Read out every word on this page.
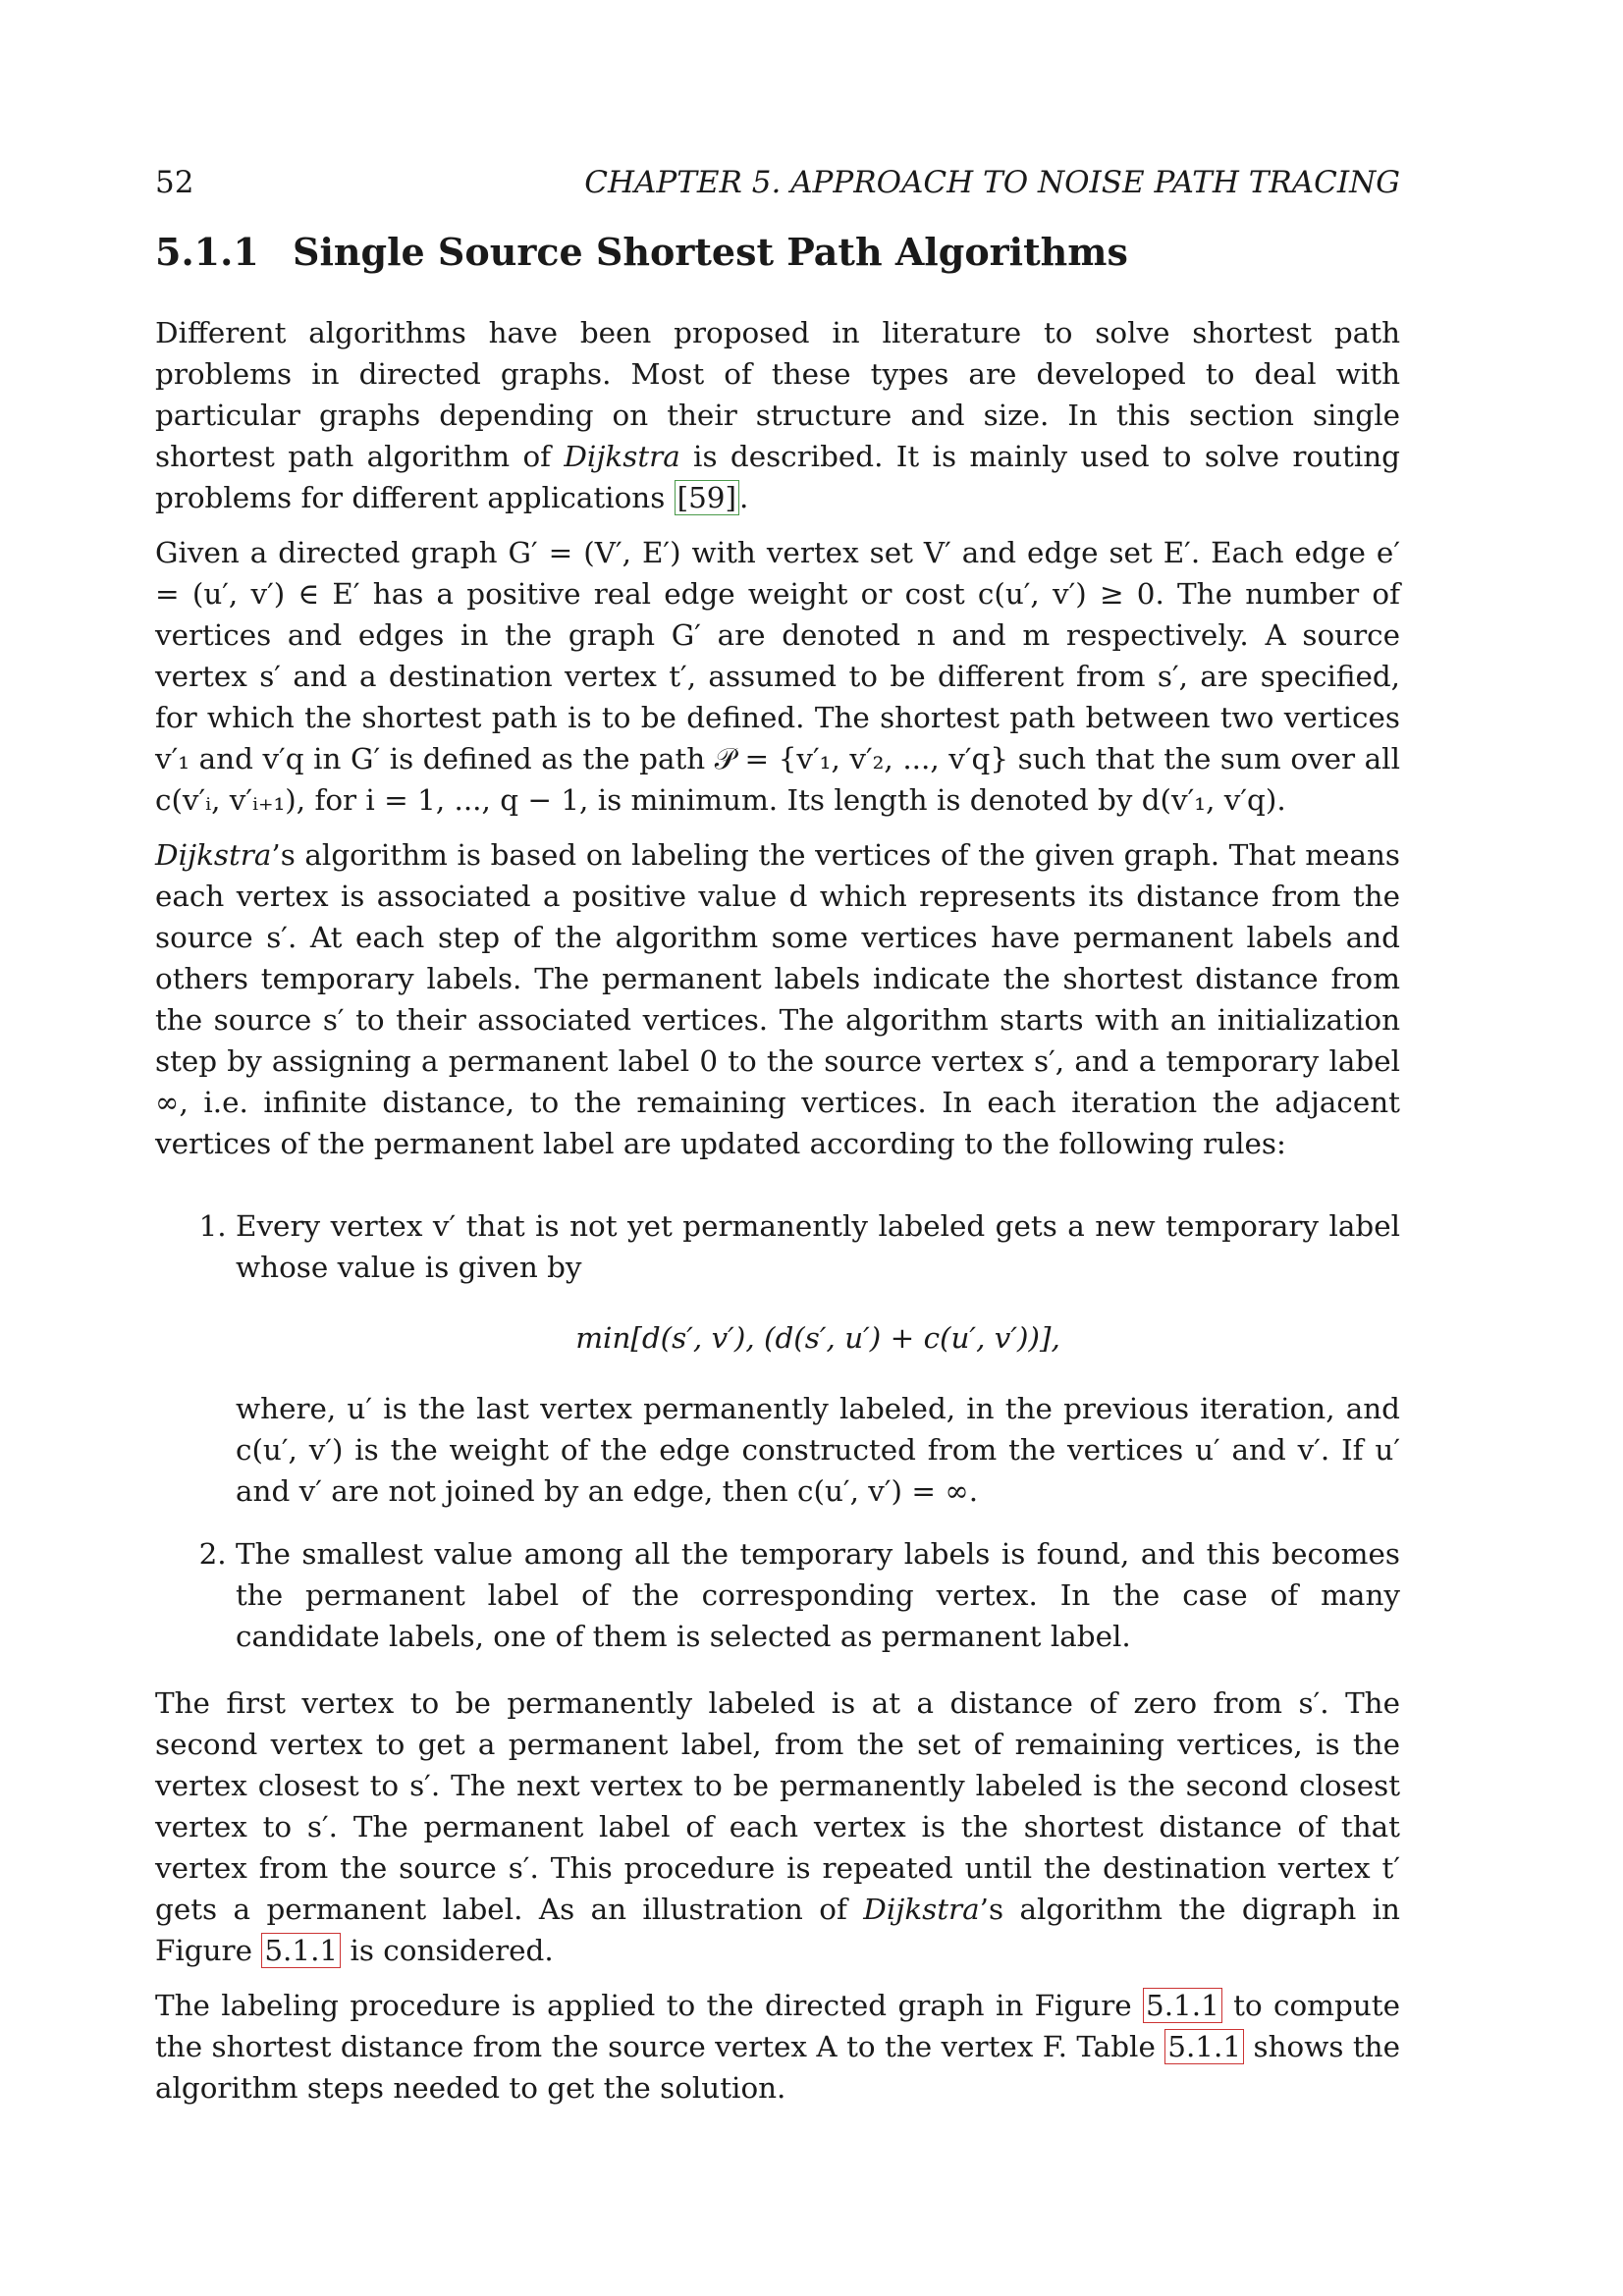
52	CHAPTER 5. APPROACH TO NOISE PATH TRACING
5.1.1 Single Source Shortest Path Algorithms

Different algorithms have been proposed in literature to solve shortest path problems in directed graphs. Most of these types are developed to deal with particular graphs depending on their structure and size. In this section single shortest path algorithm of Dijkstra is described. It is mainly used to solve routing problems for different applications [59] .

Given a directed graph G′ = (V′, E′) with vertex set V′ and edge set E′. Each edge e′ = (u′, v′) ∈ E′ has a positive real edge weight or cost c(u′, v′) ≥ 0. The number of vertices and edges in the graph G′ are denoted n and m respectively. A source vertex s′ and a destination vertex t′, assumed to be different from s′, are specified, for which the shortest path is to be defined. The shortest path between two vertices v′₁ and v′q in G′ is defined as the path 𝒫 = {v′₁, v′₂, ..., v′q} such that the sum over all c(v′ᵢ, v′ᵢ₊₁), for i = 1, ..., q − 1, is minimum. Its length is denoted by d(v′₁, v′q).

Dijkstra’s algorithm is based on labeling the vertices of the given graph. That means each vertex is associated a positive value d which represents its distance from the source s′. At each step of the algorithm some vertices have permanent labels and others temporary labels. The permanent labels indicate the shortest distance from the source s′ to their associated vertices. The algorithm starts with an initialization step by assigning a permanent label 0 to the source vertex s′, and a temporary label ∞, i.e. infinite distance, to the remaining vertices. In each iteration the adjacent vertices of the permanent label are updated according to the following rules:

1. Every vertex v′ that is not yet permanently labeled gets a new temporary label whose value is given by

min[d(s′, v′), (d(s′, u′) + c(u′, v′))],

where, u′ is the last vertex permanently labeled, in the previous iteration, and c(u′, v′) is the weight of the edge constructed from the vertices u′ and v′. If u′ and v′ are not joined by an edge, then c(u′, v′) = ∞.

2. The smallest value among all the temporary labels is found, and this becomes the permanent label of the corresponding vertex. In the case of many candidate labels, one of them is selected as permanent label.

The first vertex to be permanently labeled is at a distance of zero from s′. The second vertex to get a permanent label, from the set of remaining vertices, is the vertex closest to s′. The next vertex to be permanently labeled is the second closest vertex to s′. The permanent label of each vertex is the shortest distance of that vertex from the source s′. This procedure is repeated until the destination vertex t′ gets a permanent label. As an illustration of Dijkstra’s algorithm the digraph in Figure 5.1.1 is considered.

The labeling procedure is applied to the directed graph in Figure 5.1.1 to compute the shortest distance from the source vertex A to the vertex F. Table 5.1.1 shows the algorithm steps needed to get the solution.
